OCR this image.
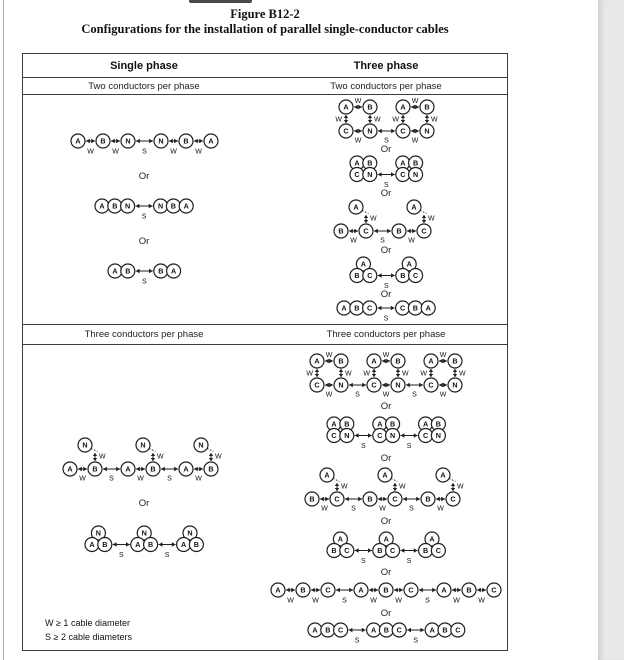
Figure B12-2
Configurations for the installation of parallel single-conductor cables
Single phase	Three phase
Two conductors per phase	Two conductors per phase
A
W
B
W
N
S
N
W
B
W
A
Or
A B N
S
N B A
Or
A B
S
B A
A	B
C	N
W
W
W	W
S
A	B
C	N
W
W
W	W
Or
A B
C N
S
A B
C N
Or
A
W
B	C
W	S
A
W
B	C
W
Or
A
B C
S
A
B C
Or
A B C
S
C B A
Three conductors per phase	Three conductors per phase
N
W
A	B
W	S
N
W
A	B
W	S
N
W
A	B
W
Or
N
A B
S
N
A B
S
N
A B
A	B
C	N
W
W
W	W
S
A	B
C	N
W
W
W	W
S
A	B
C	N
W
W
W	W
Or
A B
C N
S
A B
C N
S
A B
C N
Or
A
W
B	C
W	S
A
W
B	C
W	S
A
W
B	C
W
Or
A
B C
S
A
B C
S
A
B C
Or
A
W
B
W
C
S
A
W
B
W
C
S
A
W
B
W
C
Or
A B C
S
A B C
S
A B C
W ≥ 1 cable diameter
S ≥ 2 cable diameters
